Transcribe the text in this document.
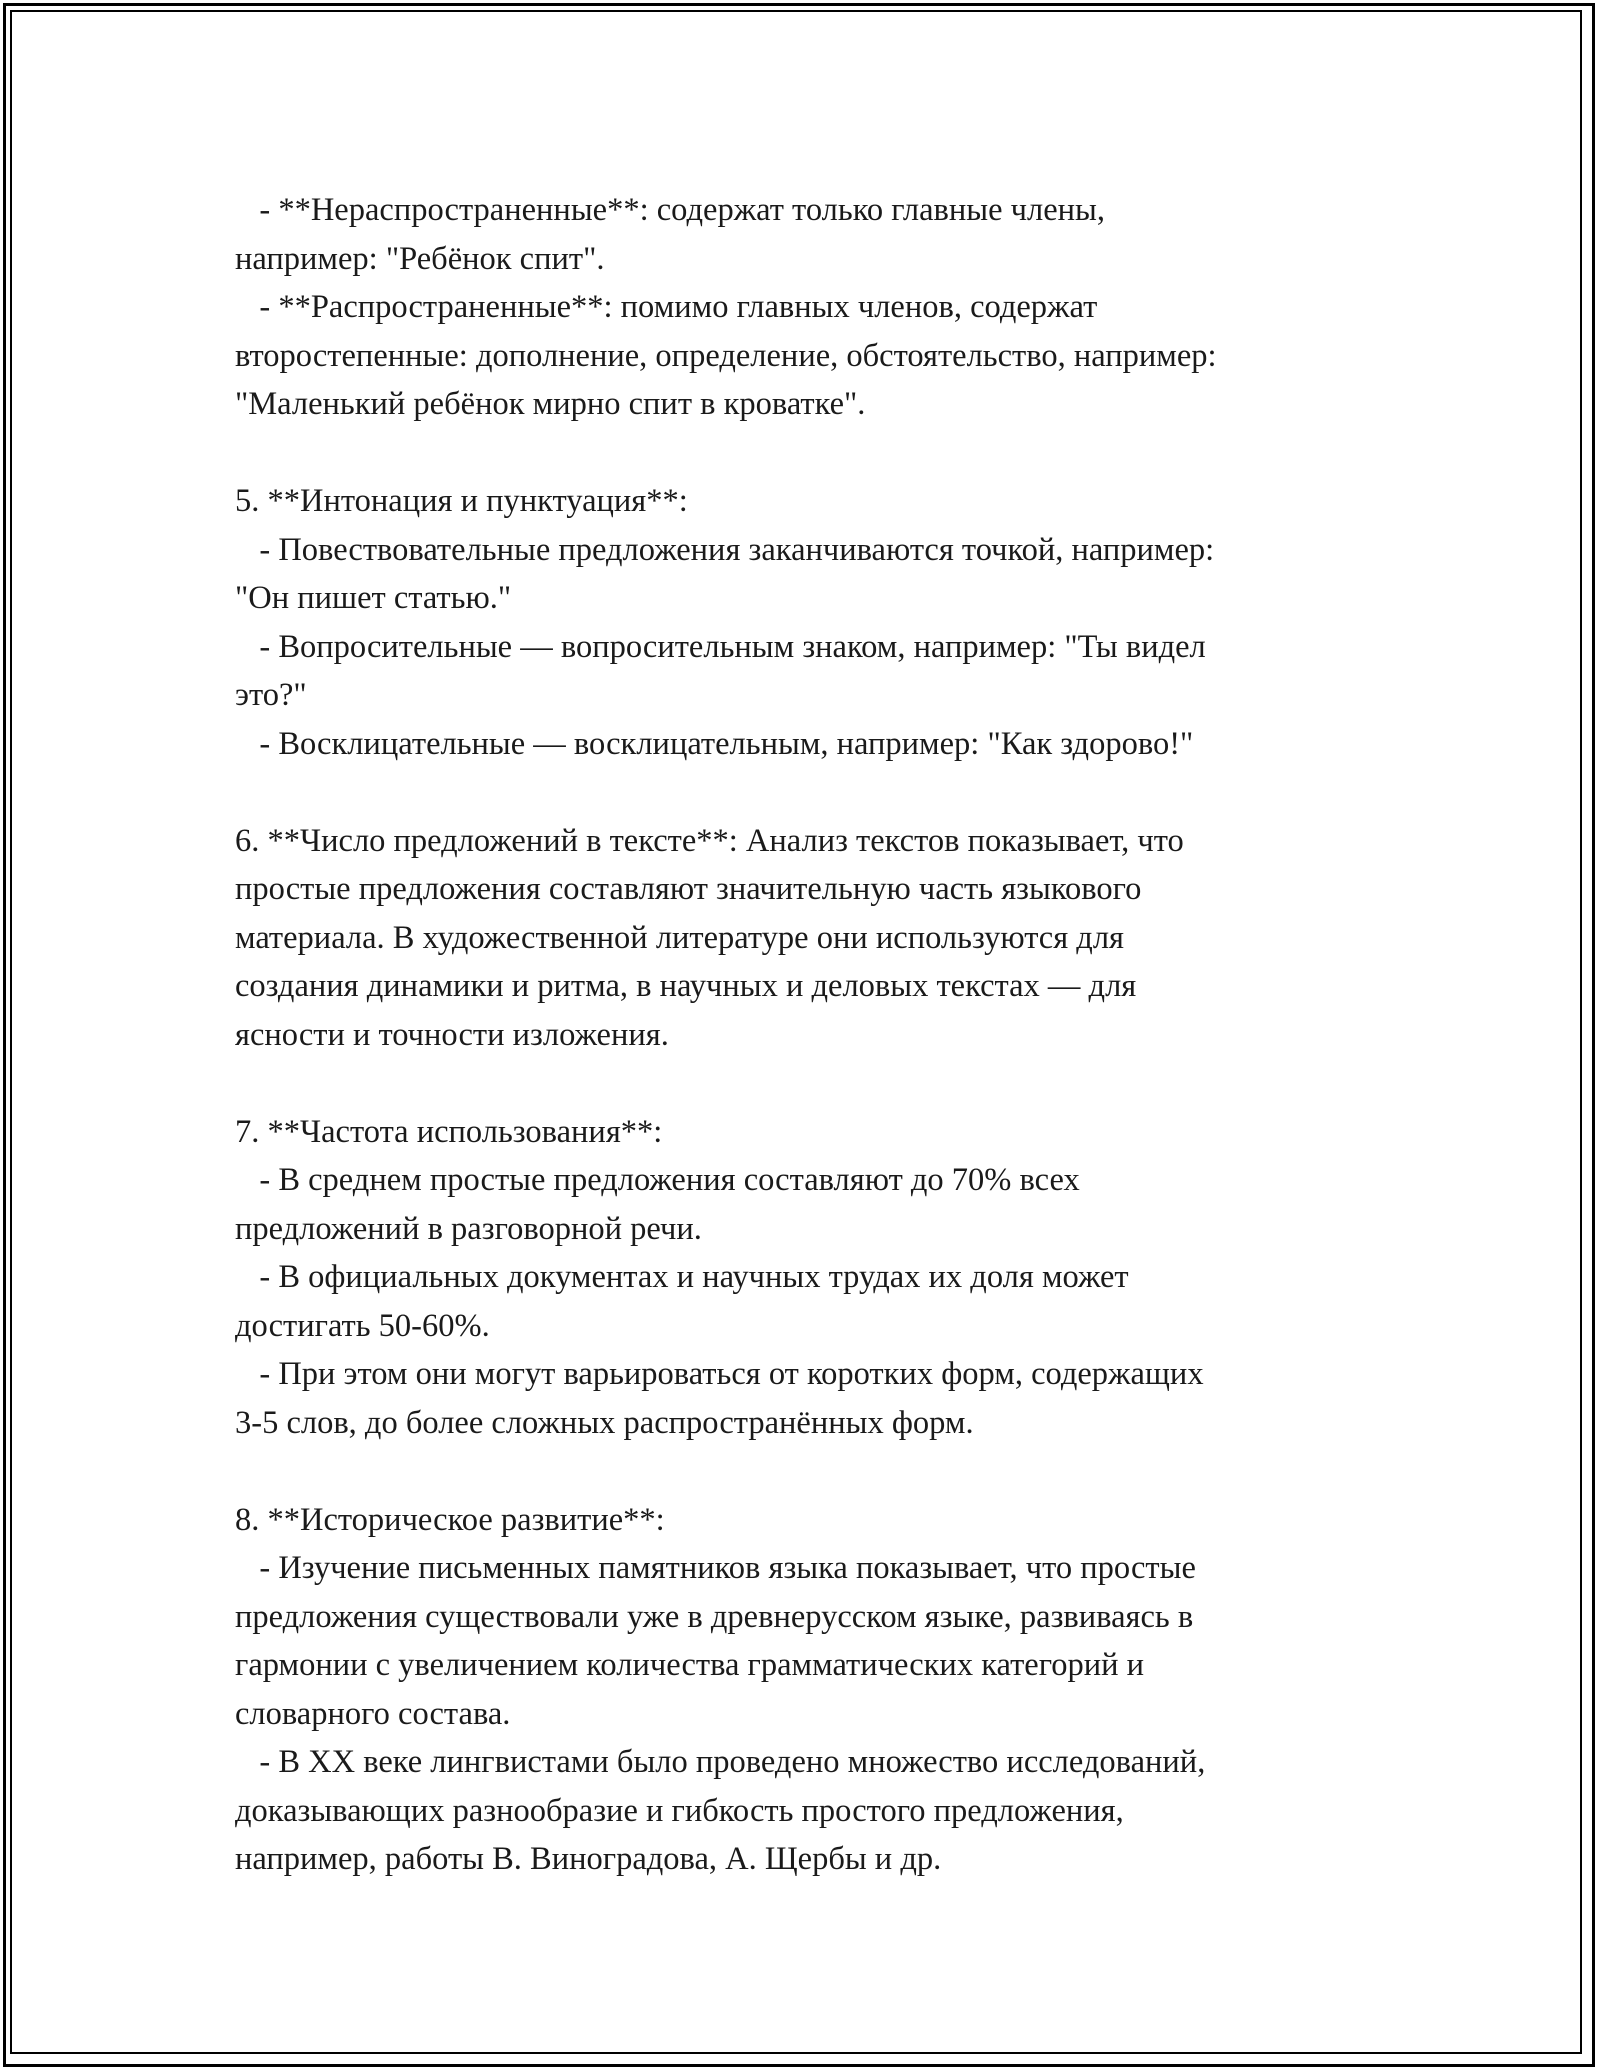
- **Нераспространенные**: содержат только главные члены,
например: "Ребёнок спит".
- **Распространенные**: помимо главных членов, содержат
второстепенные: дополнение, определение, обстоятельство, например:
"Маленький ребёнок мирно спит в кроватке".
5. **Интонация и пунктуация**:
- Повествовательные предложения заканчиваются точкой, например:
"Он пишет статью."
- Вопросительные — вопросительным знаком, например: "Ты видел
это?"
- Восклицательные — восклицательным, например: "Как здорово!"
6. **Число предложений в тексте**: Анализ текстов показывает, что
простые предложения составляют значительную часть языкового
материала. В художественной литературе они используются для
создания динамики и ритма, в научных и деловых текстах — для
ясности и точности изложения.
7. **Частота использования**:
- В среднем простые предложения составляют до 70% всех
предложений в разговорной речи.
- В официальных документах и научных трудах их доля может
достигать 50-60%.
- При этом они могут варьироваться от коротких форм, содержащих
3-5 слов, до более сложных распространённых форм.
8. **Историческое развитие**:
- Изучение письменных памятников языка показывает, что простые
предложения существовали уже в древнерусском языке, развиваясь в
гармонии с увеличением количества грамматических категорий и
словарного состава.
- В XX веке лингвистами было проведено множество исследований,
доказывающих разнообразие и гибкость простого предложения,
например, работы В. Виноградова, А. Щербы и др.
